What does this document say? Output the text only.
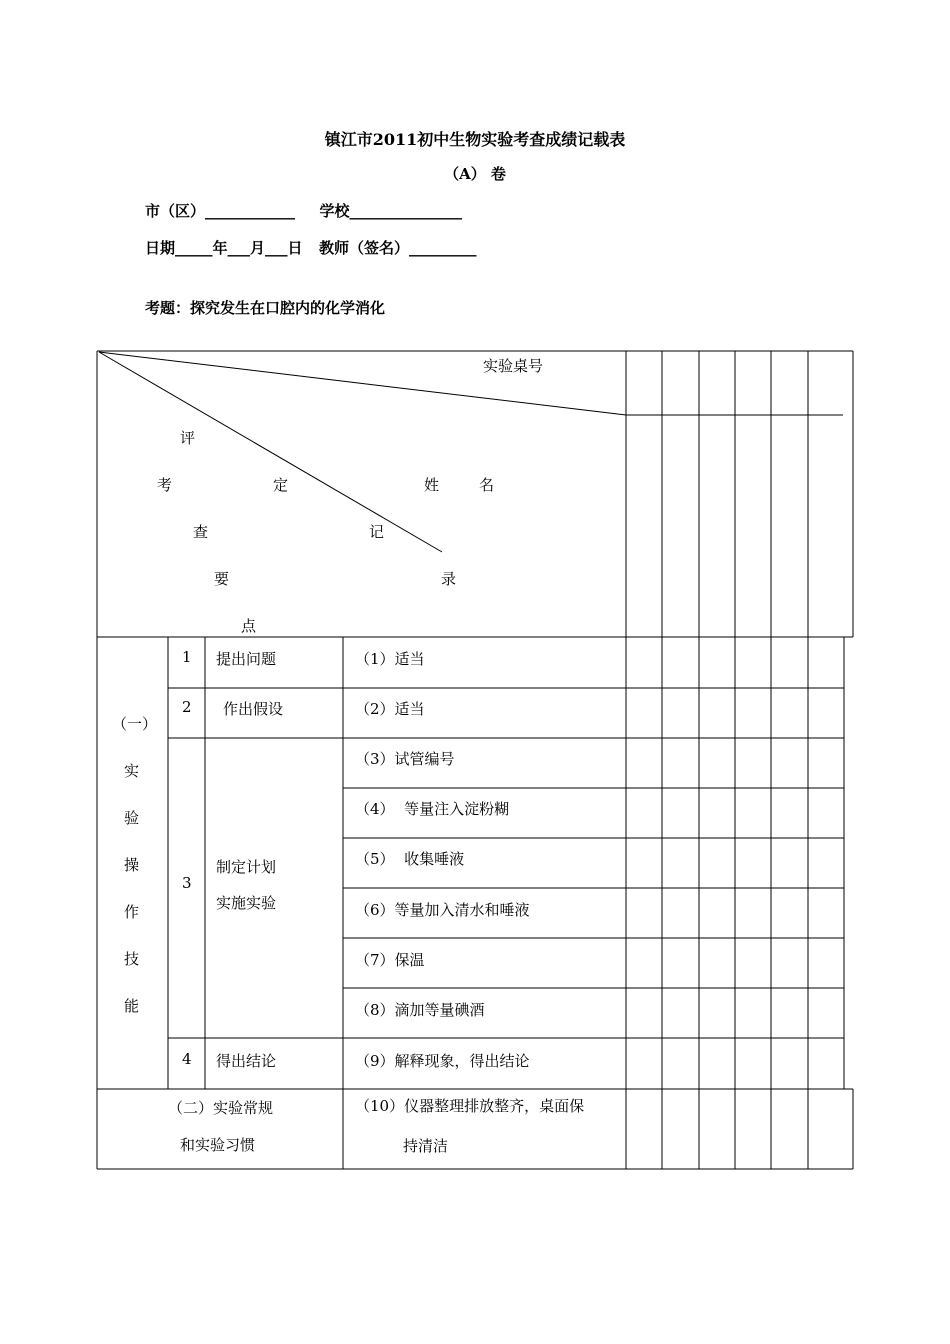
镇江市2011初中生物实验考查成绩记载表
（A） 卷
市（区）____________ 学校_______________
日期_____年___月___日 教师（签名）_________
考题：探究发生在口腔内的化学消化
实验桌号
姓	名
评
定
记
录
考
查
要
点
（一）
实
验
操
作
技
能
1
2
3
4
提出问题
作出假设
制定计划
实施实验
得出结论
（1）适当
（2）适当
（3）试管编号
（4）  等量注入淀粉糊
（5）  收集唾液
（6）等量加入清水和唾液
（7）保温
（8）滴加等量碘酒
（9）解释现象，得出结论
（二）实验常规
和实验习惯
（10）仪器整理排放整齐，桌面保
持清洁
